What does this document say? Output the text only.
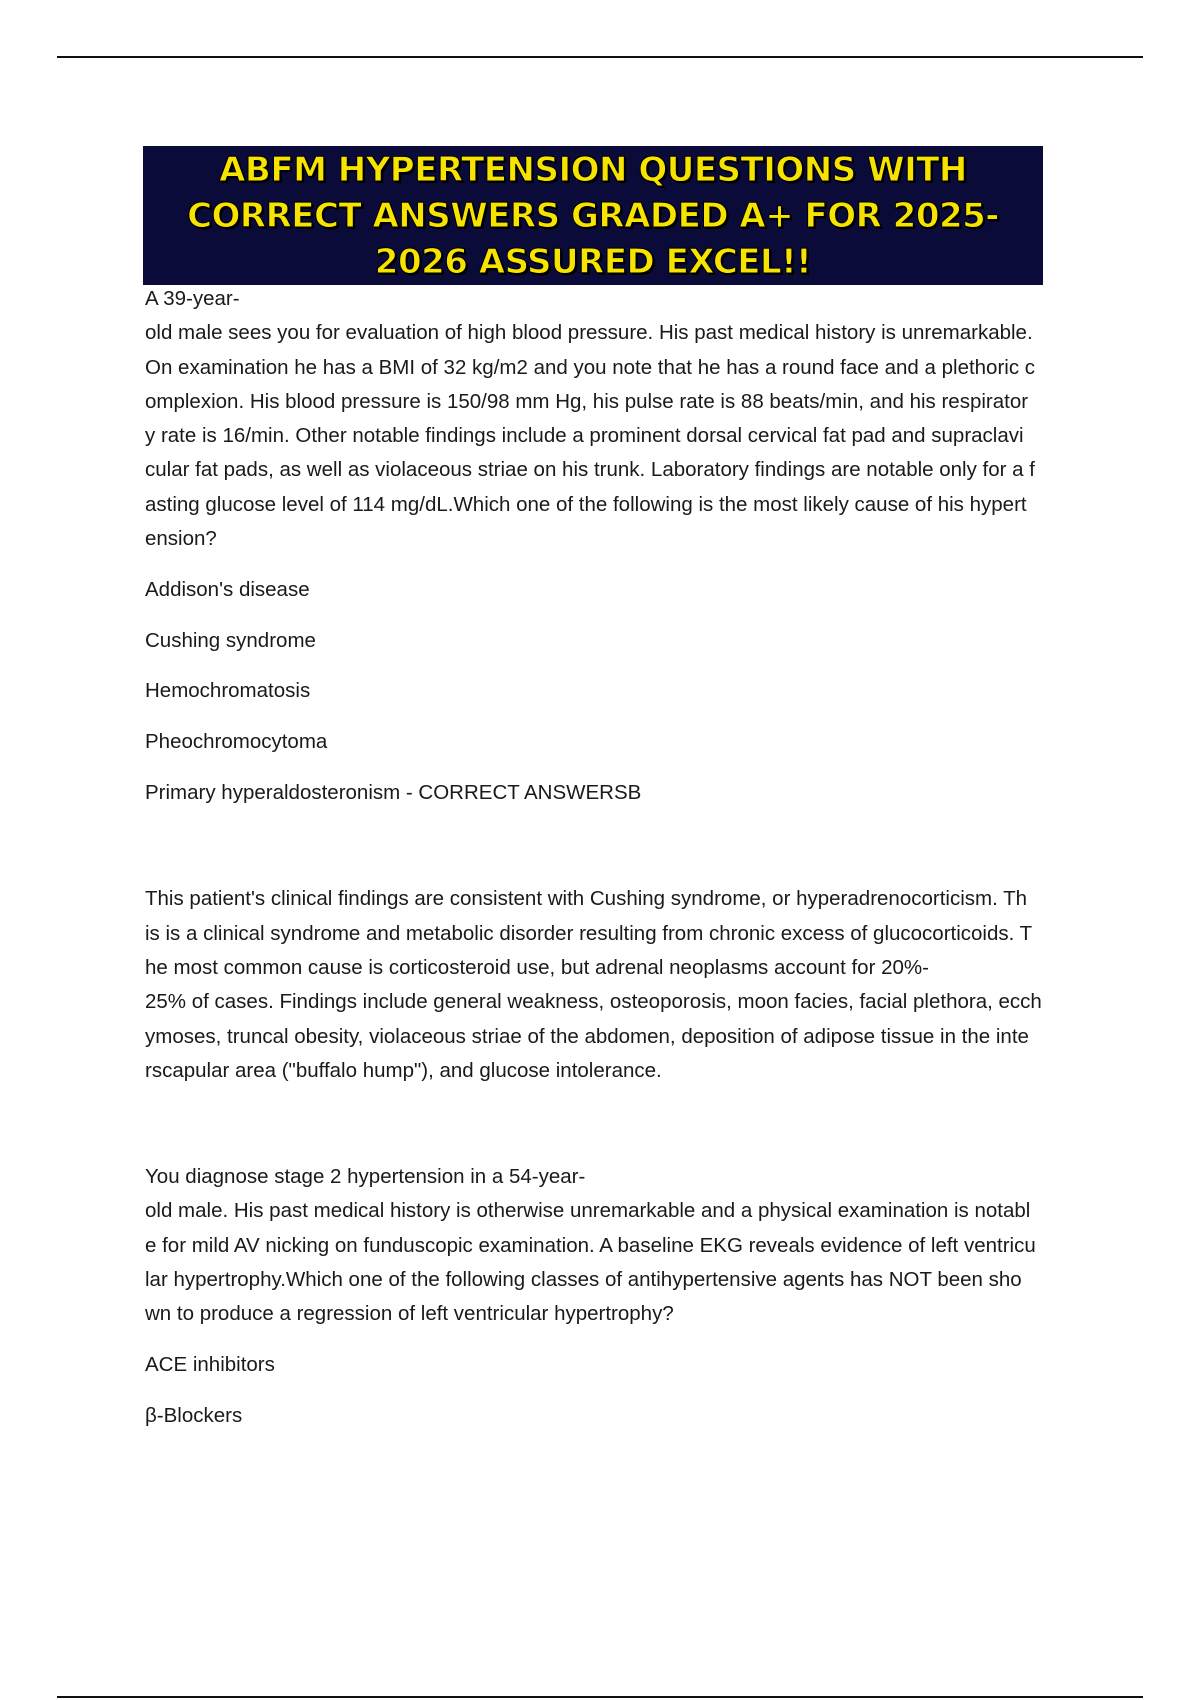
ABFM HYPERTENSION QUESTIONS WITH
CORRECT ANSWERS GRADED A+ FOR 2025-
2026 ASSURED EXCEL!!

A 39-year-
old male sees you for evaluation of high blood pressure. His past medical history is unremarkable.
On examination he has a BMI of 32 kg/m2 and you note that he has a round face and a plethoric c
omplexion. His blood pressure is 150/98 mm Hg, his pulse rate is 88 beats/min, and his respirator
y rate is 16/min. Other notable findings include a prominent dorsal cervical fat pad and supraclavi
cular fat pads, as well as violaceous striae on his trunk. Laboratory findings are notable only for a f
asting glucose level of 114 mg/dL.Which one of the following is the most likely cause of his hypert
ension?

Addison's disease

Cushing syndrome

Hemochromatosis

Pheochromocytoma

Primary hyperaldosteronism - CORRECT ANSWERSB

This patient's clinical findings are consistent with Cushing syndrome, or hyperadrenocorticism. Th
is is a clinical syndrome and metabolic disorder resulting from chronic excess of glucocorticoids. T
he most common cause is corticosteroid use, but adrenal neoplasms account for 20%-
25% of cases. Findings include general weakness, osteoporosis, moon facies, facial plethora, ecch
ymoses, truncal obesity, violaceous striae of the abdomen, deposition of adipose tissue in the inte
rscapular area ("buffalo hump"), and glucose intolerance.

You diagnose stage 2 hypertension in a 54-year-
old male. His past medical history is otherwise unremarkable and a physical examination is notabl
e for mild AV nicking on funduscopic examination. A baseline EKG reveals evidence of left ventricu
lar hypertrophy.Which one of the following classes of antihypertensive agents has NOT been sho
wn to produce a regression of left ventricular hypertrophy?

ACE inhibitors

β-Blockers
